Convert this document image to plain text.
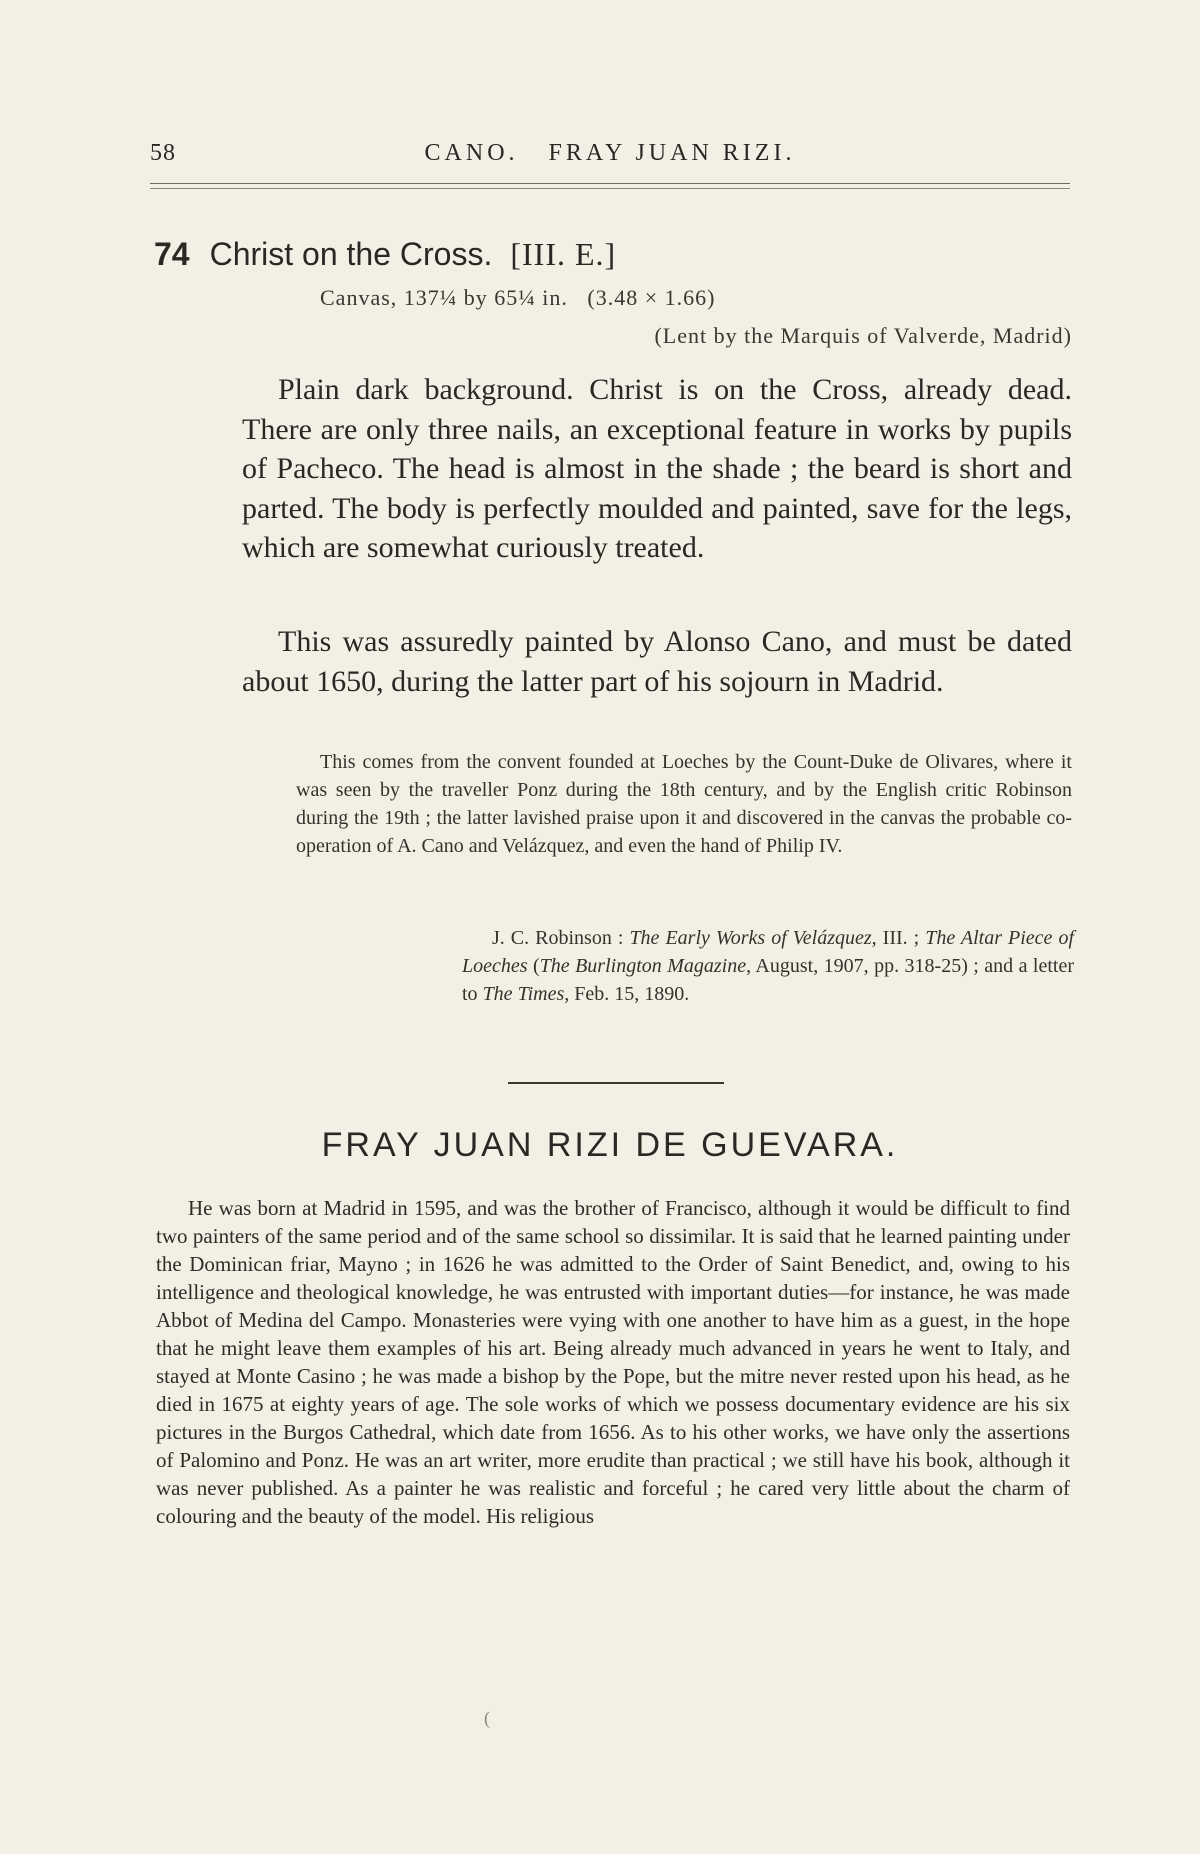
58	CANO.   FRAY JUAN RIZI.
74 Christ on the Cross. [III. E.]
Canvas, 137¼ by 65¼ in.   (3.48 × 1.66)
(Lent by the Marquis of Valverde, Madrid)

Plain dark background. Christ is on the Cross, already dead. There are only three nails, an exceptional feature in works by pupils of Pacheco. The head is almost in the shade ; the beard is short and parted. The body is perfectly moulded and painted, save for the legs, which are somewhat curiously treated.

This was assuredly painted by Alonso Cano, and must be dated about 1650, during the latter part of his sojourn in Madrid.

This comes from the convent founded at Loeches by the Count-Duke de Olivares, where it was seen by the traveller Ponz during the 18th century, and by the English critic Robinson during the 19th ; the latter lavished praise upon it and discovered in the canvas the probable co-operation of A. Cano and Velázquez, and even the hand of Philip IV.

J. C. Robinson : The Early Works of Velázquez, III. ; The Altar Piece of Loeches (The Burlington Magazine, August, 1907, pp. 318-25) ; and a letter to The Times, Feb. 15, 1890.

FRAY JUAN RIZI DE GUEVARA.

He was born at Madrid in 1595, and was the brother of Francisco, although it would be difficult to find two painters of the same period and of the same school so dissimilar. It is said that he learned painting under the Dominican friar, Mayno ; in 1626 he was admitted to the Order of Saint Benedict, and, owing to his intelligence and theological knowledge, he was entrusted with important duties—for instance, he was made Abbot of Medina del Campo. Monasteries were vying with one another to have him as a guest, in the hope that he might leave them examples of his art. Being already much advanced in years he went to Italy, and stayed at Monte Casino ; he was made a bishop by the Pope, but the mitre never rested upon his head, as he died in 1675 at eighty years of age. The sole works of which we possess documentary evidence are his six pictures in the Burgos Cathedral, which date from 1656. As to his other works, we have only the assertions of Palomino and Ponz. He was an art writer, more erudite than practical ; we still have his book, although it was never published. As a painter he was realistic and forceful ; he cared very little about the charm of colouring and the beauty of the model. His religious

(
